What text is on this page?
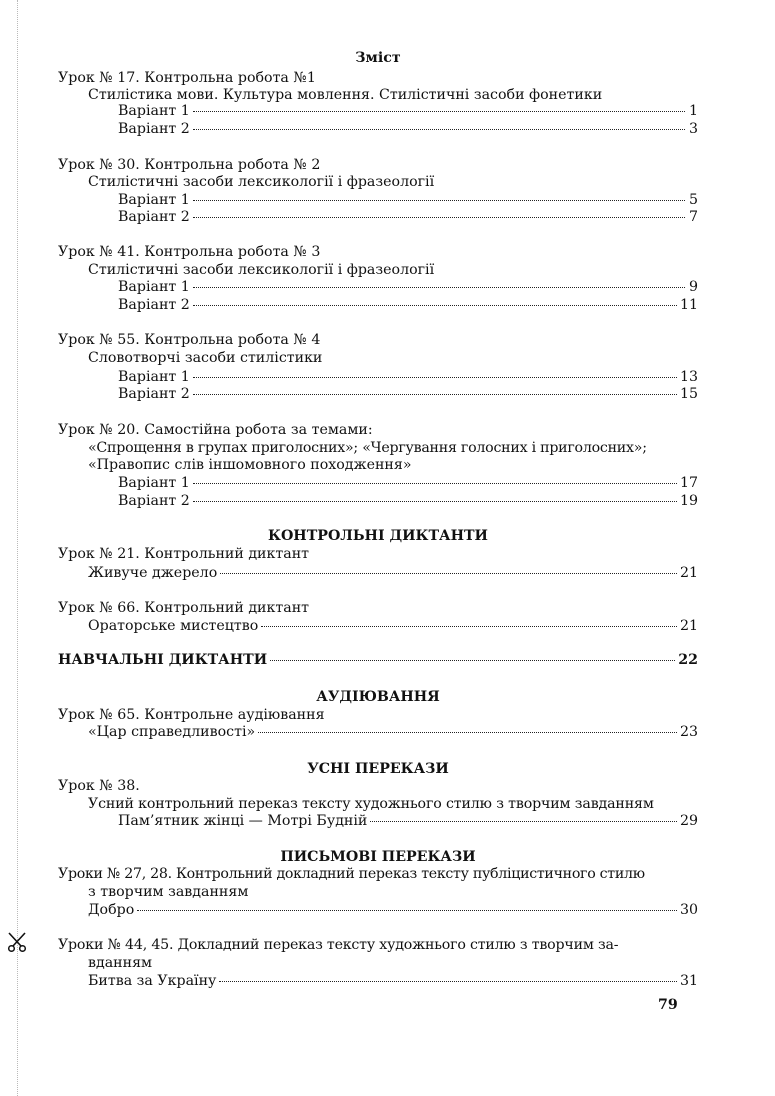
Зміст
Урок № 17. Контрольна робота №1
Стилістика мови. Культура мовлення. Стилістичні засоби фонетики
Варіант 1	1
Варіант 2	3
Урок № 30. Контрольна робота № 2
Стилістичні засоби лексикології і фразеології
Варіант 1	5
Варіант 2	7
Урок № 41. Контрольна робота № 3
Стилістичні засоби лексикології і фразеології
Варіант 1	9
Варіант 2	11
Урок № 55. Контрольна робота № 4
Словотворчі засоби стилістики
Варіант 1	13
Варіант 2	15
Урок № 20. Самостійна робота за темами:
«Спрощення в групах приголосних»; «Чергування голосних і приголосних»;
«Правопис слів іншомовного походження»
Варіант 1	17
Варіант 2	19
КОНТРОЛЬНІ ДИКТАНТИ
Урок № 21. Контрольний диктант
Живуче джерело	21
Урок № 66. Контрольний диктант
Ораторське мистецтво	21
НАВЧАЛЬНІ ДИКТАНТИ	22
АУДІЮВАННЯ
Урок № 65. Контрольне аудіювання
«Цар справедливості»	23
УСНІ ПЕРЕКАЗИ
Урок № 38.
Усний контрольний переказ тексту художнього стилю з творчим завданням
Пам’ятник жінці — Мотрі Будній	29
ПИСЬМОВІ ПЕРЕКАЗИ
Уроки № 27, 28. Контрольний докладний переказ тексту публіцистичного стилю
з творчим завданням
Добро	30
Уроки № 44, 45. Докладний переказ тексту художнього стилю з творчим за-
вданням
Битва за Україну	31
79
